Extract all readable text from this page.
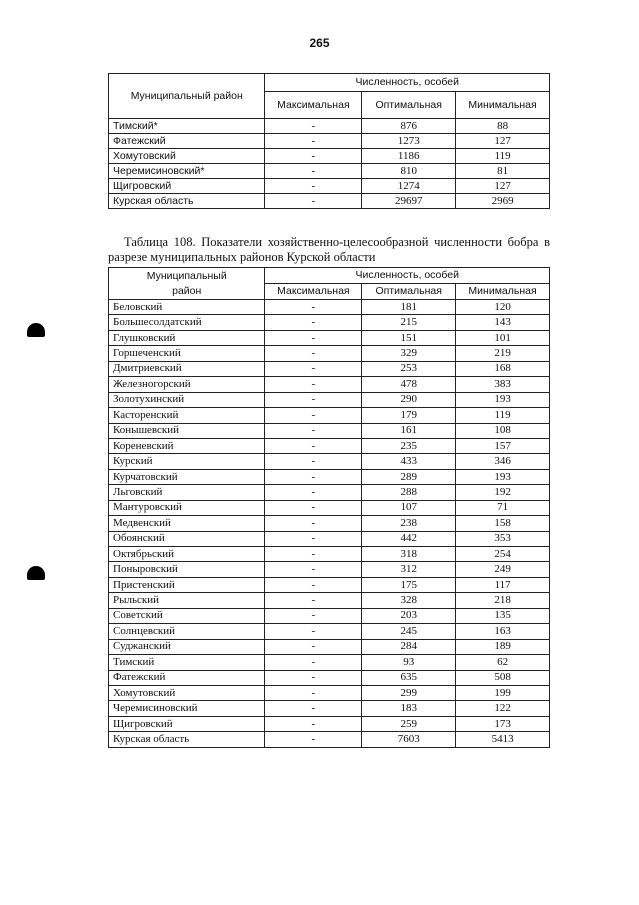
265
Муниципальный район	Численность, особей		
	Максимальная	Оптимальная	Минимальная
Тимский*	-	876	88
Фатежский	-	1273	127
Хомутовский	-	1186	119
Черемисиновский*	-	810	81
Щигровский	-	1274	127
Курская область	-	29697	2969
Таблица 108. Показатели хозяйственно-целесообразной численности бобра в разрезе муниципальных районов Курской области
Муниципальный	Численность, особей		
район	Максимальная	Оптимальная	Минимальная
Беловский	-	181	120
Большесолдатский	-	215	143
Глушковский	-	151	101
Горшеченский	-	329	219
Дмитриевский	-	253	168
Железногорский	-	478	383
Золотухинский	-	290	193
Касторенский	-	179	119
Конышевский	-	161	108
Кореневский	-	235	157
Курский	-	433	346
Курчатовский	-	289	193
Льговский	-	288	192
Мантуровский	-	107	71
Медвенский	-	238	158
Обоянский	-	442	353
Октябрьский	-	318	254
Поныровский	-	312	249
Пристенский	-	175	117
Рыльский	-	328	218
Советский	-	203	135
Солнцевский	-	245	163
Суджанский	-	284	189
Тимский	-	93	62
Фатежский	-	635	508
Хомутовский	-	299	199
Черемисиновский	-	183	122
Щигровский	-	259	173
Курская область	-	7603	5413
